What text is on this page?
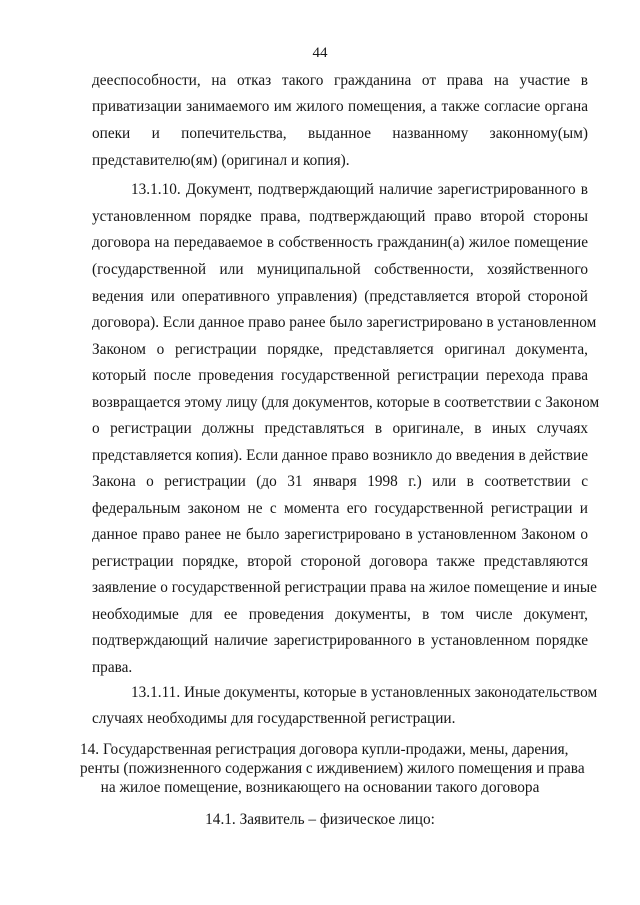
44
дееспособности, на отказ такого гражданина от права на участие в
приватизации занимаемого им жилого помещения, а также согласие органа
опеки и попечительства, выданное названному законному(ым)
представителю(ям) (оригинал и копия).
13.1.10. Документ, подтверждающий наличие зарегистрированного в
установленном порядке права, подтверждающий право второй стороны
договора на передаваемое в собственность гражданин(а) жилое помещение
(государственной или муниципальной собственности, хозяйственного
ведения или оперативного управления) (представляется второй стороной
договора). Если данное право ранее было зарегистрировано в установленном
Законом о регистрации порядке, представляется оригинал документа,
который после проведения государственной регистрации перехода права
возвращается этому лицу (для документов, которые в соответствии с Законом
о регистрации должны представляться в оригинале, в иных случаях
представляется копия). Если данное право возникло до введения в действие
Закона о регистрации (до 31 января 1998 г.) или в соответствии с
федеральным законом не с момента его государственной регистрации и
данное право ранее не было зарегистрировано в установленном Законом о
регистрации порядке, второй стороной договора также представляются
заявление о государственной регистрации права на жилое помещение и иные
необходимые для ее проведения документы, в том числе документ,
подтверждающий наличие зарегистрированного в установленном порядке
права.
13.1.11. Иные документы, которые в установленных законодательством
случаях необходимы для государственной регистрации.
14. Государственная регистрация договора купли-продажи, мены, дарения,
ренты (пожизненного содержания с иждивением) жилого помещения и права
на жилое помещение, возникающего на основании такого договора
14.1. Заявитель – физическое лицо:
